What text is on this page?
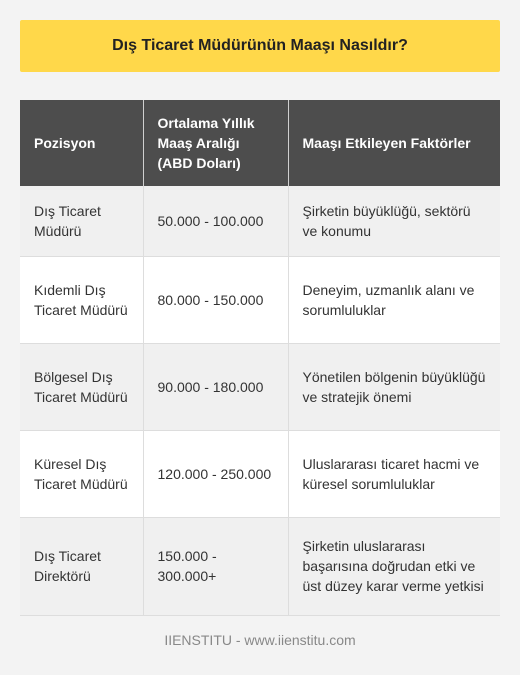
Dış Ticaret Müdürünün Maaşı Nasıldır?
Pozisyon	Ortalama Yıllık Maaş Aralığı (ABD Doları)	Maaşı Etkileyen Faktörler
Dış Ticaret Müdürü	50.000 - 100.000	Şirketin büyüklüğü, sektörü ve konumu
Kıdemli Dış Ticaret Müdürü	80.000 - 150.000	Deneyim, uzmanlık alanı ve sorumluluklar
Bölgesel Dış Ticaret Müdürü	90.000 - 180.000	Yönetilen bölgenin büyüklüğü ve stratejik önemi
Küresel Dış Ticaret Müdürü	120.000 - 250.000	Uluslararası ticaret hacmi ve küresel sorumluluklar
Dış Ticaret Direktörü	150.000 - 300.000+	Şirketin uluslararası başarısına doğrudan etki ve üst düzey karar verme yetkisi
IIENSTITU - www.iienstitu.com
